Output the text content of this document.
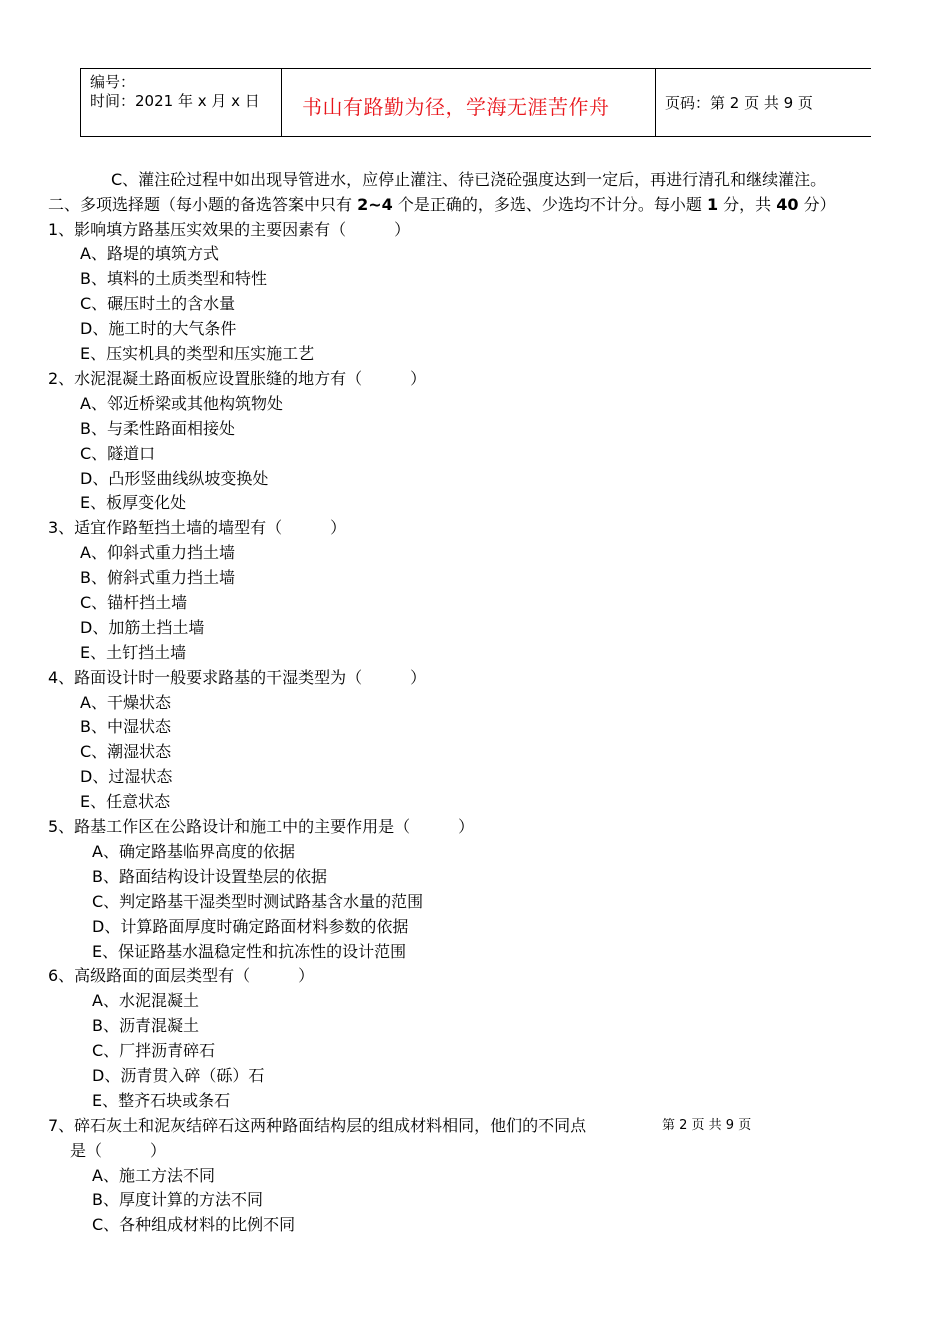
编号：
时间：2021 年 x 月 x 日 书山有路勤为径，学海无涯苦作舟	页码：第 2 页 共 9 页
C、灌注砼过程中如出现导管进水，应停止灌注、待已浇砼强度达到一定后，再进行清孔和继续灌注。
二、多项选择题（每小题的备选答案中只有 2~4 个是正确的，多选、少选均不计分。每小题 1 分，共 40 分）
1、影响填方路基压实效果的主要因素有（　　　）
A、路堤的填筑方式
B、填料的土质类型和特性
C、碾压时土的含水量
D、施工时的大气条件
E、压实机具的类型和压实施工艺
2、水泥混凝土路面板应设置胀缝的地方有（　　　）
A、邻近桥梁或其他构筑物处
B、与柔性路面相接处
C、隧道口
D、凸形竖曲线纵坡变换处
E、板厚变化处
3、适宜作路堑挡土墙的墙型有（　　　）
A、仰斜式重力挡土墙
B、俯斜式重力挡土墙
C、锚杆挡土墙
D、加筋土挡土墙
E、土钉挡土墙
4、路面设计时一般要求路基的干湿类型为（　　　）
A、干燥状态
B、中湿状态
C、潮湿状态
D、过湿状态
E、任意状态
5、路基工作区在公路设计和施工中的主要作用是（　　　）
A、确定路基临界高度的依据
B、路面结构设计设置垫层的依据
C、判定路基干湿类型时测试路基含水量的范围
D、计算路面厚度时确定路面材料参数的依据
E、保证路基水温稳定性和抗冻性的设计范围
6、高级路面的面层类型有（　　　）
A、水泥混凝土
B、沥青混凝土
C、厂拌沥青碎石
D、沥青贯入碎（砾）石
E、整齐石块或条石
7、碎石灰土和泥灰结碎石这两种路面结构层的组成材料相同，他们的不同点	第 2 页 共 9 页
是（　　　）
A、施工方法不同
B、厚度计算的方法不同
C、各种组成材料的比例不同
